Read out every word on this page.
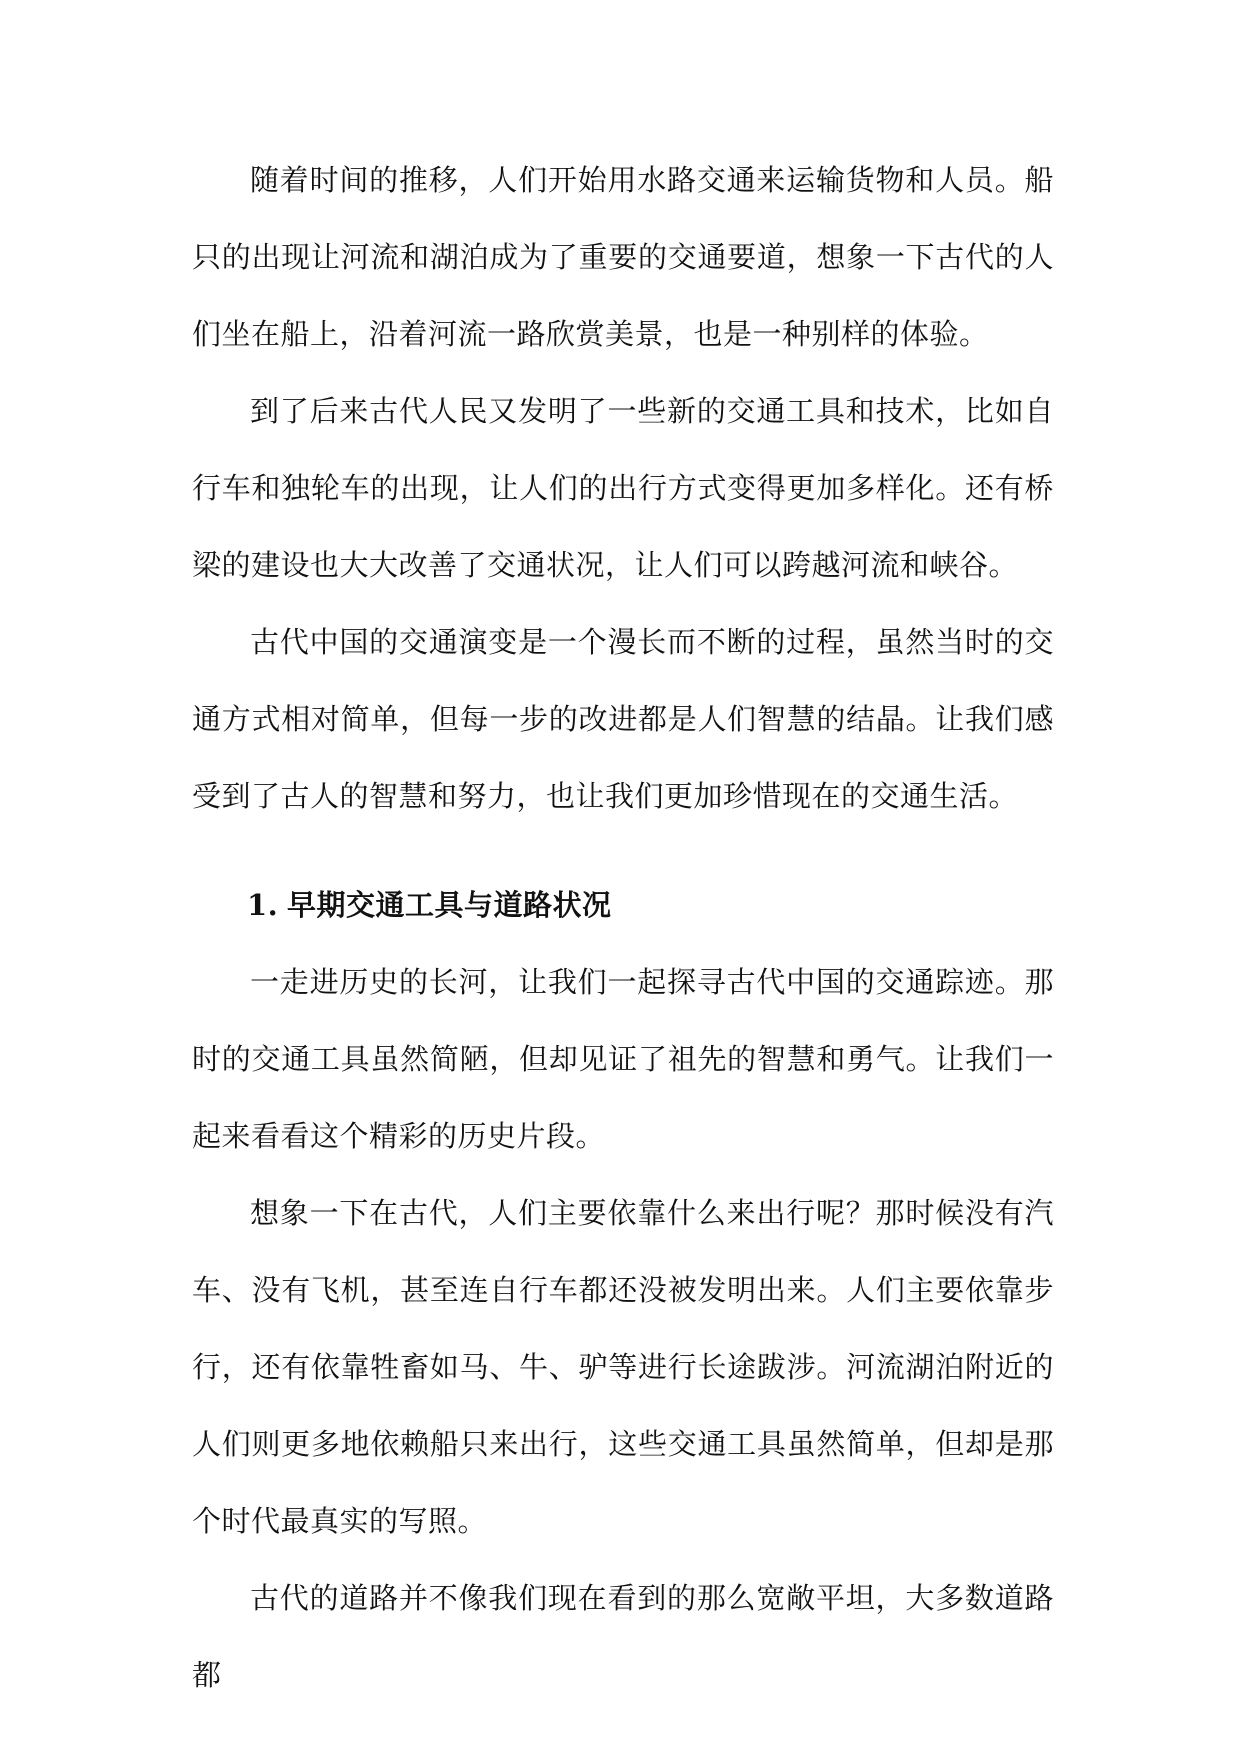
随着时间的推移，人们开始用水路交通来运输货物和人员。船只的出现让河流和湖泊成为了重要的交通要道，想象一下古代的人们坐在船上，沿着河流一路欣赏美景，也是一种别样的体验。

到了后来古代人民又发明了一些新的交通工具和技术，比如自行车和独轮车的出现，让人们的出行方式变得更加多样化。还有桥梁的建设也大大改善了交通状况，让人们可以跨越河流和峡谷。

古代中国的交通演变是一个漫长而不断的过程，虽然当时的交通方式相对简单，但每一步的改进都是人们智慧的结晶。让我们感受到了古人的智慧和努力，也让我们更加珍惜现在的交通生活。

1. 早期交通工具与道路状况

一走进历史的长河，让我们一起探寻古代中国的交通踪迹。那时的交通工具虽然简陋，但却见证了祖先的智慧和勇气。让我们一起来看看这个精彩的历史片段。

想象一下在古代，人们主要依靠什么来出行呢？那时候没有汽车、没有飞机，甚至连自行车都还没被发明出来。人们主要依靠步行，还有依靠牲畜如马、牛、驴等进行长途跋涉。河流湖泊附近的人们则更多地依赖船只来出行，这些交通工具虽然简单，但却是那个时代最真实的写照。

古代的道路并不像我们现在看到的那么宽敞平坦，大多数道路都
